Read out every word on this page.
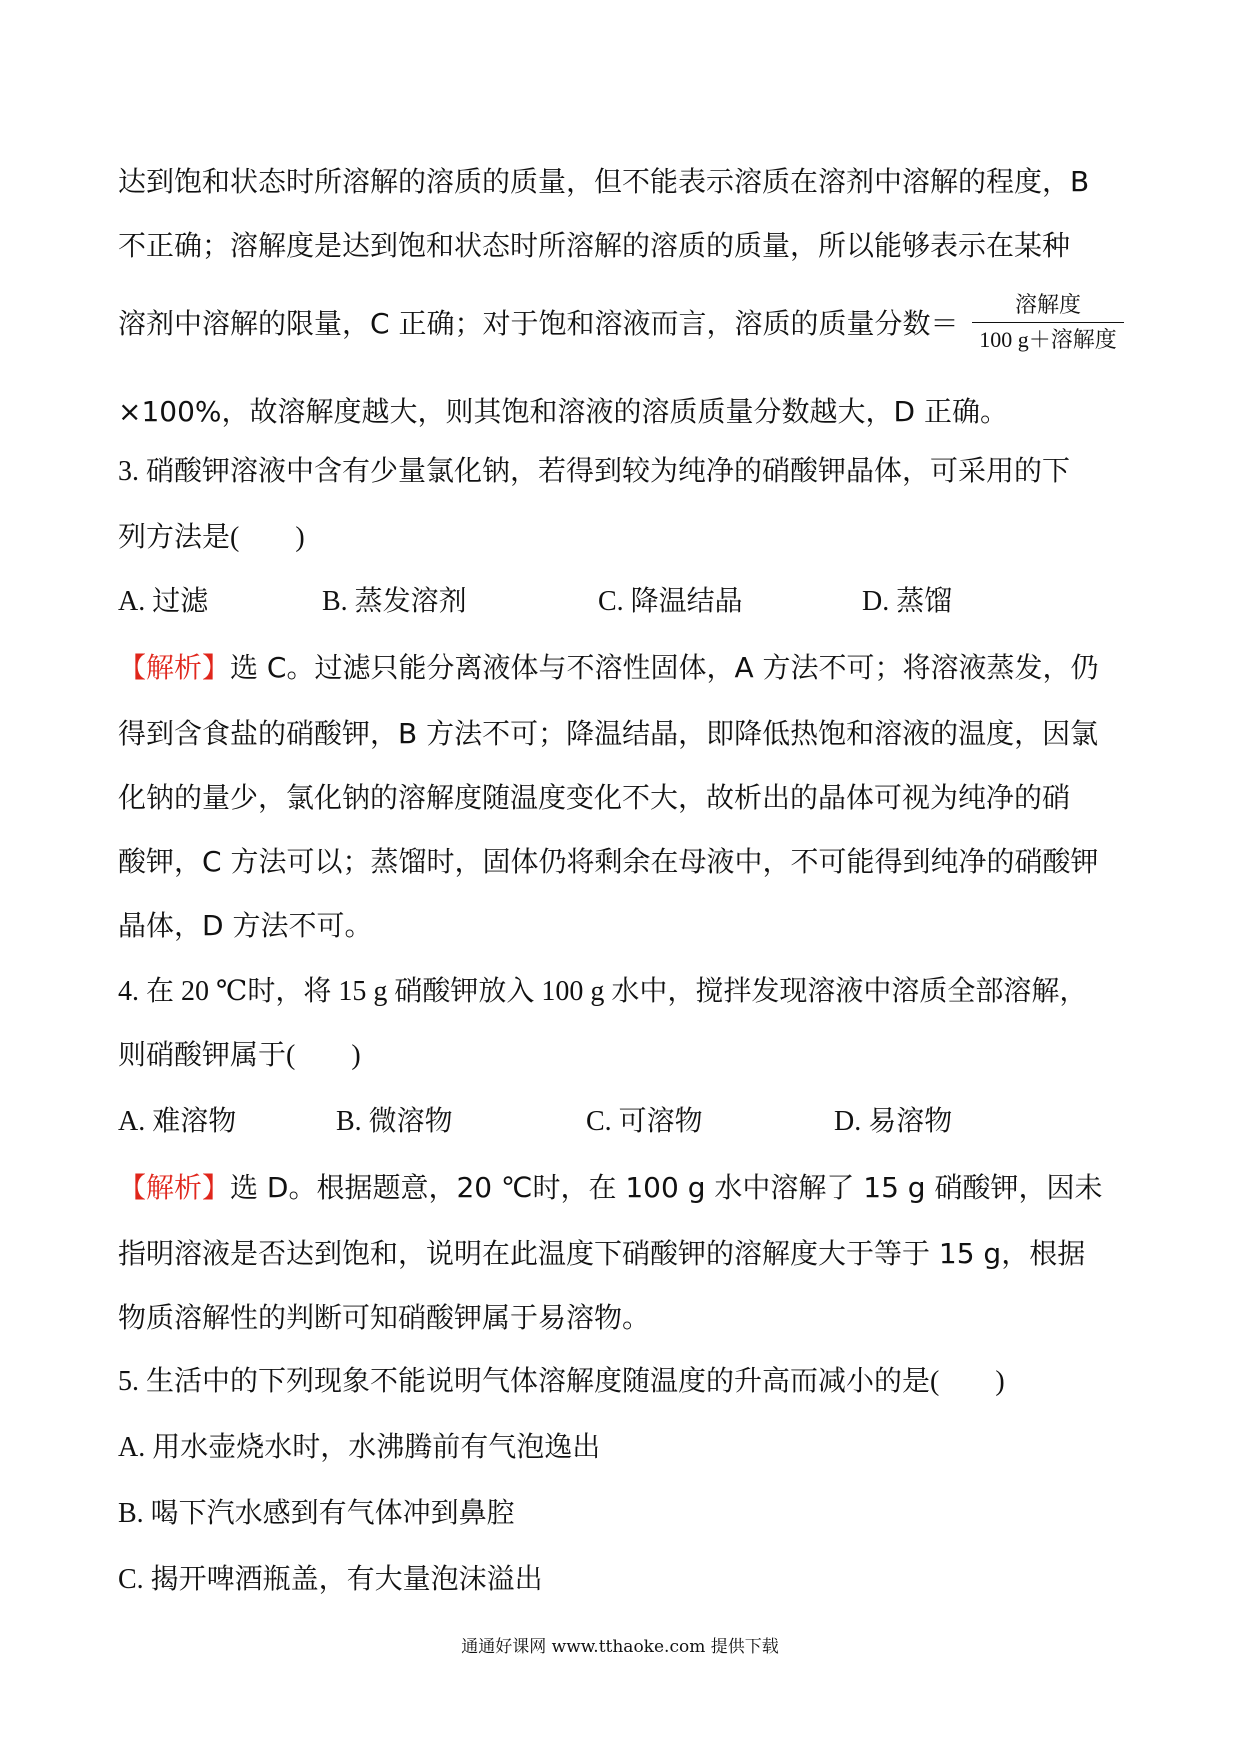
达到饱和状态时所溶解的溶质的质量，但不能表示溶质在溶剂中溶解的程度，B
不正确；溶解度是达到饱和状态时所溶解的溶质的质量，所以能够表示在某种
溶剂中溶解的限量，C 正确；对于饱和溶液而言，溶质的质量分数＝
溶解度
100 g＋溶解度
×100%，故溶解度越大，则其饱和溶液的溶质质量分数越大，D 正确。
3. 硝酸钾溶液中含有少量氯化钠，若得到较为纯净的硝酸钾晶体，可采用的下
列方法是(　　)
A. 过滤	B. 蒸发溶剂	C. 降温结晶	D. 蒸馏
【解析】选 C。过滤只能分离液体与不溶性固体，A 方法不可；将溶液蒸发，仍
得到含食盐的硝酸钾，B 方法不可；降温结晶，即降低热饱和溶液的温度，因氯
化钠的量少，氯化钠的溶解度随温度变化不大，故析出的晶体可视为纯净的硝
酸钾，C 方法可以；蒸馏时，固体仍将剩余在母液中，不可能得到纯净的硝酸钾
晶体，D 方法不可。
4. 在 20 ℃时，将 15 g 硝酸钾放入 100 g 水中，搅拌发现溶液中溶质全部溶解，
则硝酸钾属于(　　)
A. 难溶物	B. 微溶物	C. 可溶物	D. 易溶物
【解析】选 D。根据题意，20 ℃时，在 100 g 水中溶解了 15 g 硝酸钾，因未
指明溶液是否达到饱和，说明在此温度下硝酸钾的溶解度大于等于 15 g，根据
物质溶解性的判断可知硝酸钾属于易溶物。
5. 生活中的下列现象不能说明气体溶解度随温度的升高而减小的是(　　)
A. 用水壶烧水时，水沸腾前有气泡逸出
B. 喝下汽水感到有气体冲到鼻腔
C. 揭开啤酒瓶盖，有大量泡沫溢出
通通好课网 www.tthaoke.com 提供下载
